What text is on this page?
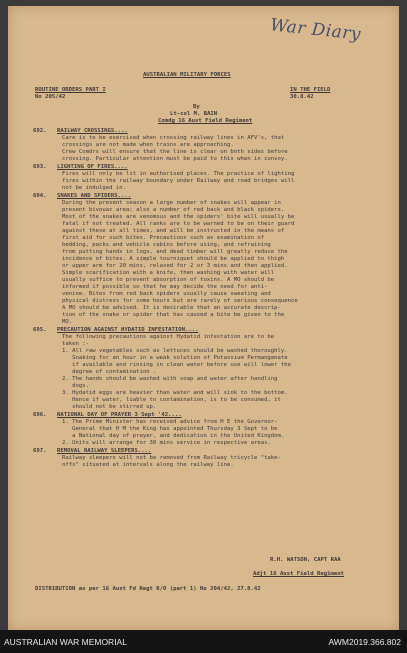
War Diary
AUSTRALIAN MILITARY FORCES
ROUTINE ORDERS PART I
No 205/42
IN THE FIELD
30.8.42
By
Lt-col M. BAIN
Comdg 16 Aust Field Regiment
692. RAILWAY CROSSINGS....
Care is to be exercised when crossing railway lines in AFV's, that
crossings are not made when trains are approaching.
Crew Comdrs will ensure that the line is clear on both sides before
crossing. Particular attention must be paid to this when in convoy.
693. LIGHTING OF FIRES....
Fires will only be lit in authorised places. The practice of lighting
fires within the railway boundary under Railway and road bridges will
not be indulged in.
694. SNAKES AND SPIDERS....
During the present season a large number of snakes will appear in
present bivouac area; also a number of red back and black spiders.
Most of the snakes are venomous and the spiders' bite will usually be
fatal if not treated. All ranks are to be warned to be on their guard
against these at all times, and will be instructed in the means of
first aid for such bites. Precautions such as examination of
bedding, packs and vehicle cabins before using, and refraining
from putting hands in logs, and dead timber will greatly reduce the
incidence of bites. A simple tourniquet should be applied to thigh
or upper arm for 20 mins, relaxed for 2 or 3 mins and then applied.
Simple scarification with a knife, then washing with water will
usually suffice to prevent absorption of toxins. A MO should be
informed if possible so that he may decide the need for anti-
venine. Bites from red back spiders usually cause sweating and
physical distress for some hours but are rarely of serious consequence
A MO should be advised. It is desirable that an accurate descrip-
tion of the snake or spider that has caused a bite be given to the
MO.
695. PRECAUTION AGAINST HYDATID INFESTATION....
The following precautions against Hydatid infestation are to be
taken :-
1. All raw vegetables such as lettuces should be washed thoroughly.
Soaking for an hour in a weak solution of Potassium Permanganate
if available and rinsing in clean water before use will lower the
degree of contamination .
2. The hands should be washed with soap and water after handling
dogs.
3. Hydatid eggs are heavier than water and will sink to the bottom.
Hence if water, liable to contamination, is to be consumed, it
should not be stirred up.
696. NATIONAL DAY OF PRAYER 3 Sept '42....
1. The Prime Minister has received advice from H E the Governor-
General that H M the King has appointed Thursday 3 Sept to be
a National day of prayer, and dedication in the United Kingdom.
2. Units will arrange for 30 mins service in respective areas.
697. REMOVAL RAILWAY SLEEPERS....
Railway sleepers will not be removed from Railway tricycle "take-
offs" situated at intervals along the railway line.
R.H. WATSON, CAPT RAA
Adjt 16 Aust Field Regiment
DISTRIBUTION as per 16 Aust Fd Regt R/O (part 1) No 204/42, 27.8.42
AUSTRALIAN WAR MEMORIAL	AWM2019.366.802
